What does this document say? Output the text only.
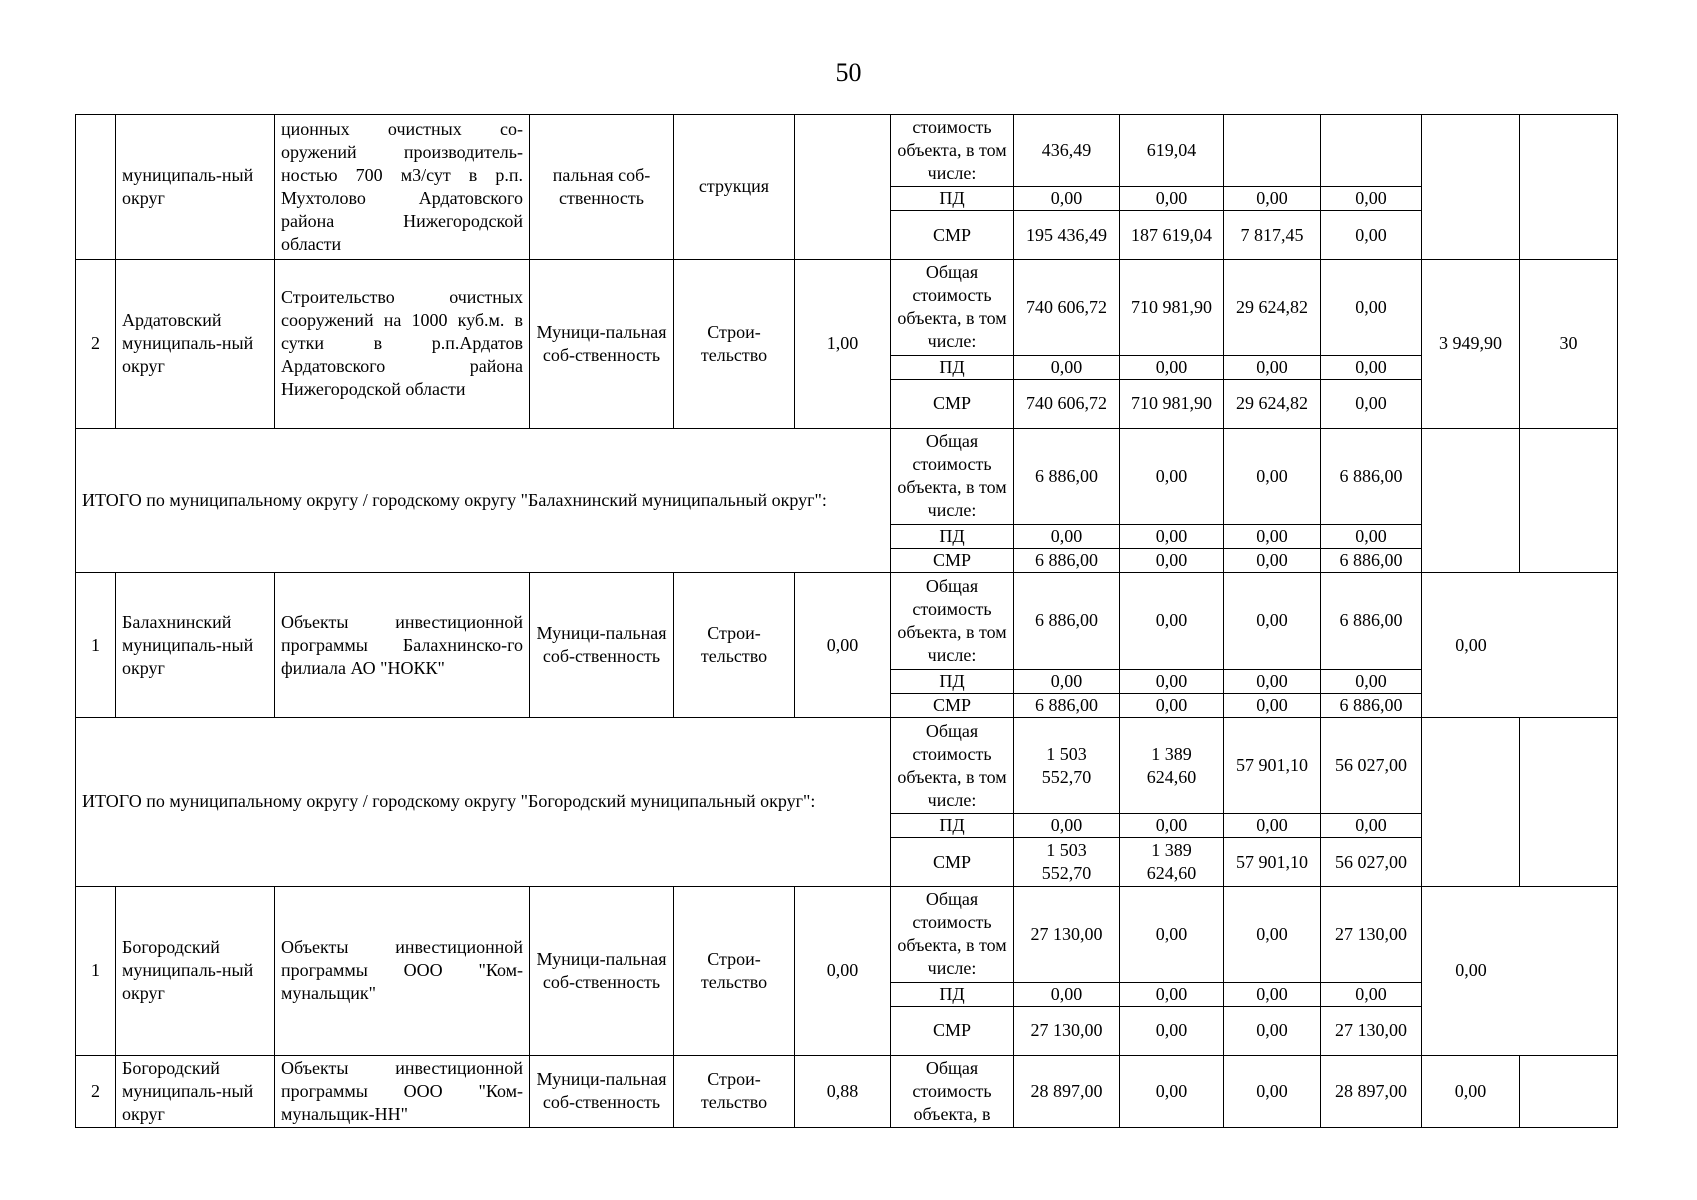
50
	муниципаль-ный округ	ционных очистных со-оружений производитель-ностью 700 м3/сут в р.п. Мухтолово Ардатовского района Нижегородской области	пальная соб-ственность	струкция		стоимость объекта, в том числе:	436,49	619,04				
						ПД	0,00	0,00	0,00	0,00		
						СМР	195 436,49	187 619,04	7 817,45	0,00		
2	Ардатовский муниципаль-ный округ	Строительство очистных сооружений на 1000 куб.м. в сутки в р.п.Ардатов Ардатовского района Нижегородской области	Муници-пальная соб-ственность	Строи-тельство	1,00	Общая стоимость объекта, в том числе:	740 606,72	710 981,90	29 624,82	0,00	3 949,90	30
						ПД	0,00	0,00	0,00	0,00		
						СМР	740 606,72	710 981,90	29 624,82	0,00		
ИТОГО по муниципальному округу / городскому округу "Балахнинский муниципальный округ":						Общая стоимость объекта, в том числе:	6 886,00	0,00	0,00	6 886,00		
						ПД	0,00	0,00	0,00	0,00		
						СМР	6 886,00	0,00	0,00	6 886,00		
1	Балахнинский муниципаль-ный округ	Объекты инвестиционной программы Балахнинско-го филиала АО "НОКК"	Муници-пальная соб-ственность	Строи-тельство	0,00	Общая стоимость объекта, в том числе:	6 886,00	0,00	0,00	6 886,00	0,00	

						ПД	0,00	0,00	0,00	0,00		
						СМР	6 886,00	0,00	0,00	6 886,00		
ИТОГО по муниципальному округу / городскому округу "Богородский муниципальный округ":						Общая стоимость объекта, в том числе:	1 503 552,70	1 389 624,60	57 901,10	56 027,00		
						ПД	0,00	0,00	0,00	0,00		
						СМР	1 503 552,70	1 389 624,60	57 901,10	56 027,00		
1	Богородский муниципаль-ный округ	Объекты инвестиционной программы ООО "Ком-мунальщик"	Муници-пальная соб-ственность	Строи-тельство	0,00	Общая стоимость объекта, в том числе:	27 130,00	0,00	0,00	27 130,00	0,00	

						ПД	0,00	0,00	0,00	0,00		
						СМР	27 130,00	0,00	0,00	27 130,00		
2	Богородский муниципаль-ный округ	Объекты инвестиционной программы ООО "Ком-мунальщик-НН"	Муници-пальная соб-ственность	Строи-тельство	0,88	Общая стоимость объекта, в	28 897,00	0,00	0,00	28 897,00	0,00	
